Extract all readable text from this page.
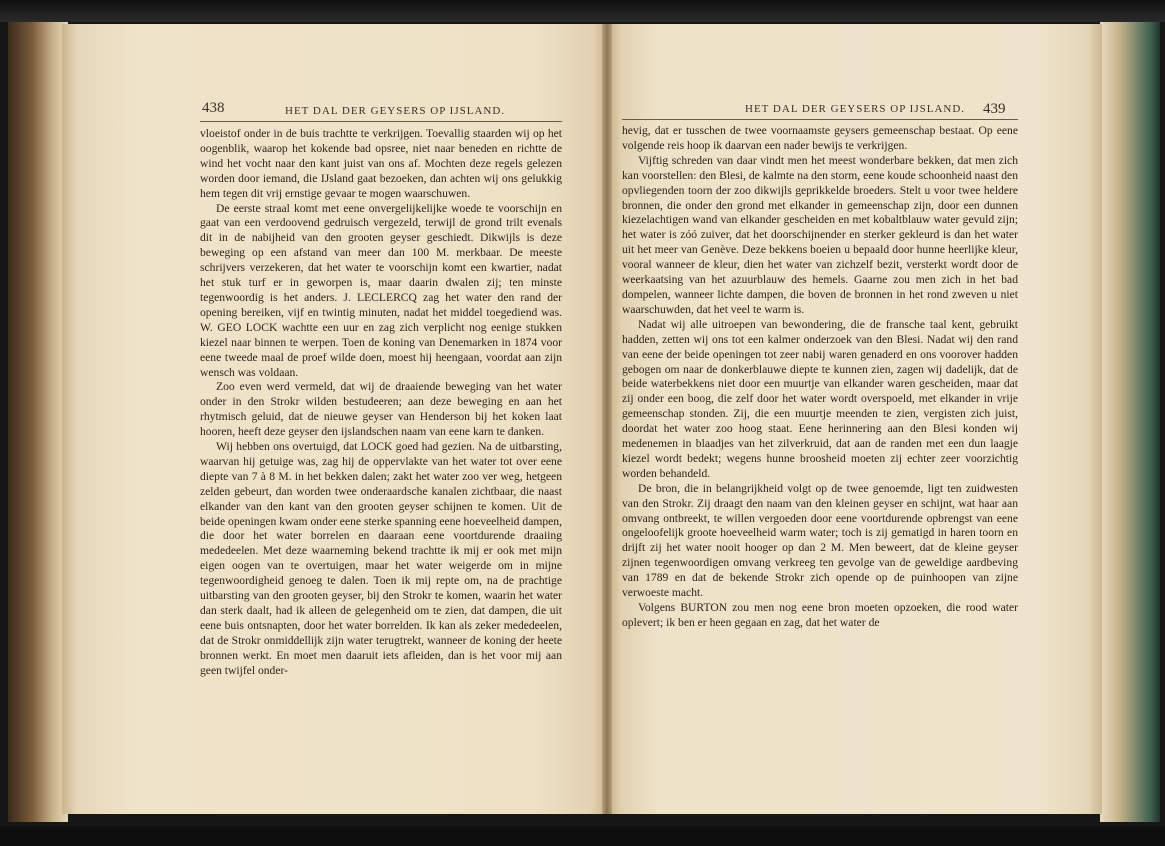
438	HET DAL DER GEYSERS OP IJSLAND.

vloeistof onder in de buis trachtte te verkrijgen. Toevallig staarden wij op het oogenblik, waarop het kokende bad opsree, niet naar beneden en richtte de wind het vocht naar den kant juist van ons af. Mochten deze regels gelezen worden door iemand, die IJsland gaat bezoeken, dan achten wij ons gelukkig hem tegen dit vrij ernstige gevaar te mogen waarschuwen.

De eerste straal komt met eene onvergelijkelijke woede te voorschijn en gaat van een verdoovend gedruisch vergezeld, terwijl de grond trilt evenals dit in de nabijheid van den grooten geyser geschiedt. Dikwijls is deze beweging op een afstand van meer dan 100 M. merkbaar. De meeste schrijvers verzekeren, dat het water te voorschijn komt een kwartier, nadat het stuk turf er in geworpen is, maar daarin dwalen zij; ten minste tegenwoordig is het anders. J. LECLERCQ zag het water den rand der opening bereiken, vijf en twintig minuten, nadat het middel toegediend was. W. GEO LOCK wachtte een uur en zag zich verplicht nog eenige stukken kiezel naar binnen te werpen. Toen de koning van Denemarken in 1874 voor eene tweede maal de proef wilde doen, moest hij heengaan, voordat aan zijn wensch was voldaan.

Zoo even werd vermeld, dat wij de draaiende beweging van het water onder in den Strokr wilden bestudeeren; aan deze beweging en aan het rhytmisch geluid, dat de nieuwe geyser van Henderson bij het koken laat hooren, heeft deze geyser den ijslandschen naam van eene karn te danken.

Wij hebben ons overtuigd, dat LOCK goed had gezien. Na de uitbarsting, waarvan hij getuige was, zag hij de oppervlakte van het water tot over eene diepte van 7 à 8 M. in het bekken dalen; zakt het water zoo ver weg, hetgeen zelden gebeurt, dan worden twee onderaardsche kanalen zichtbaar, die naast elkander van den kant van den grooten geyser schijnen te komen. Uit de beide openingen kwam onder eene sterke spanning eene hoeveelheid dampen, die door het water borrelen en daaraan eene voortdurende draaiing mededeelen. Met deze waarneming bekend trachtte ik mij er ook met mijn eigen oogen van te overtuigen, maar het water weigerde om in mijne tegenwoordigheid genoeg te dalen. Toen ik mij repte om, na de prachtige uitbarsting van den grooten geyser, bij den Strokr te komen, waarin het water dan sterk daalt, had ik alleen de gelegenheid om te zien, dat dampen, die uit eene buis ontsnapten, door het water borrelden. Ik kan als zeker mededeelen, dat de Strokr onmiddellijk zijn water terugtrekt, wanneer de koning der heete bronnen werkt. En moet men daaruit iets afleiden, dan is het voor mij aan geen twijfel onder-

HET DAL DER GEYSERS OP IJSLAND. 439

hevig, dat er tusschen de twee voornaamste geysers gemeenschap bestaat. Op eene volgende reis hoop ik daarvan een nader bewijs te verkrijgen.

Vijftig schreden van daar vindt men het meest wonderbare bekken, dat men zich kan voorstellen: den Blesi, de kalmte na den storm, eene koude schoonheid naast den opvliegenden toorn der zoo dikwijls geprikkelde broeders. Stelt u voor twee heldere bronnen, die onder den grond met elkander in gemeenschap zijn, door een dunnen kiezelachtigen wand van elkander gescheiden en met kobaltblauw water gevuld zijn; het water is zóó zuiver, dat het doorschijnender en sterker gekleurd is dan het water uit het meer van Genève. Deze bekkens boeien u bepaald door hunne heerlijke kleur, vooral wanneer de kleur, dien het water van zichzelf bezit, versterkt wordt door de weerkaatsing van het azuurblauw des hemels. Gaarne zou men zich in het bad dompelen, wanneer lichte dampen, die boven de bronnen in het rond zweven u niet waarschuwden, dat het veel te warm is.

Nadat wij alle uitroepen van bewondering, die de fransche taal kent, gebruikt hadden, zetten wij ons tot een kalmer onderzoek van den Blesi. Nadat wij den rand van eene der beide openingen tot zeer nabij waren genaderd en ons voorover hadden gebogen om naar de donkerblauwe diepte te kunnen zien, zagen wij dadelijk, dat de beide waterbekkens niet door een muurtje van elkander waren gescheiden, maar dat zij onder een boog, die zelf door het water wordt overspoeld, met elkander in vrije gemeenschap stonden. Zij, die een muurtje meenden te zien, vergisten zich juist, doordat het water zoo hoog staat. Eene herinnering aan den Blesi konden wij medenemen in blaadjes van het zilverkruid, dat aan de randen met een dun laagje kiezel wordt bedekt; wegens hunne broosheid moeten zij echter zeer voorzichtig worden behandeld.

De bron, die in belangrijkheid volgt op de twee genoemde, ligt ten zuidwesten van den Strokr. Zij draagt den naam van den kleinen geyser en schijnt, wat haar aan omvang ontbreekt, te willen vergoeden door eene voortdurende opbrengst van eene ongeloofelijk groote hoeveelheid warm water; toch is zij gematigd in haren toorn en drijft zij het water nooit hooger op dan 2 M. Men beweert, dat de kleine geyser zijnen tegenwoordigen omvang verkreeg ten gevolge van de geweldige aardbeving van 1789 en dat de bekende Strokr zich opende op de puinhoopen van zijne verwoeste macht.

Volgens BURTON zou men nog eene bron moeten opzoeken, die rood water oplevert; ik ben er heen gegaan en zag, dat het water de
